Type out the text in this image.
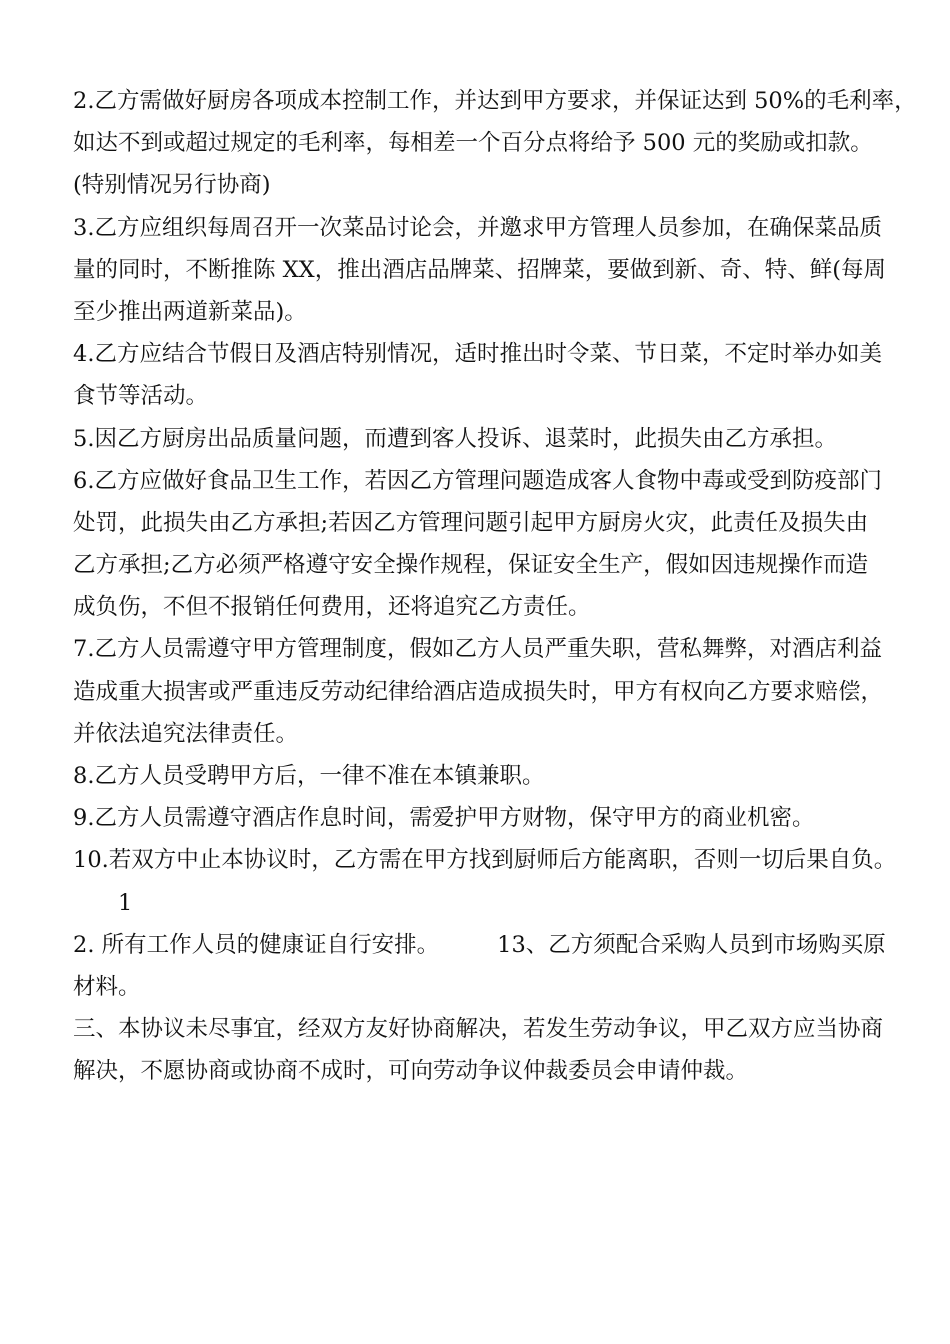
2.乙方需做好厨房各项成本控制工作，并达到甲方要求，并保证达到 50%的毛利率，
如达不到或超过规定的毛利率，每相差一个百分点将给予 500 元的奖励或扣款。
(特别情况另行协商)

3.乙方应组织每周召开一次菜品讨论会，并邀求甲方管理人员参加，在确保菜品质
量的同时，不断推陈 XX，推出酒店品牌菜、招牌菜，要做到新、奇、特、鲜(每周
至少推出两道新菜品)。

4.乙方应结合节假日及酒店特别情况，适时推出时令菜、节日菜，不定时举办如美
食节等活动。

5.因乙方厨房出品质量问题，而遭到客人投诉、退菜时，此损失由乙方承担。

6.乙方应做好食品卫生工作，若因乙方管理问题造成客人食物中毒或受到防疫部门
处罚，此损失由乙方承担;若因乙方管理问题引起甲方厨房火灾，此责任及损失由
乙方承担;乙方必须严格遵守安全操作规程，保证安全生产，假如因违规操作而造
成负伤，不但不报销任何费用，还将追究乙方责任。

7.乙方人员需遵守甲方管理制度，假如乙方人员严重失职，营私舞弊，对酒店利益
造成重大损害或严重违反劳动纪律给酒店造成损失时，甲方有权向乙方要求赔偿，
并依法追究法律责任。

8.乙方人员受聘甲方后，一律不准在本镇兼职。

9.乙方人员需遵守酒店作息时间，需爱护甲方财物，保守甲方的商业机密。

10.若双方中止本协议时，乙方需在甲方找到厨师后方能离职，否则一切后果自负。

1

2. 所有工作人员的健康证自行安排。	13、乙方须配合采购人员到市场购买原
材料。

三、本协议未尽事宜，经双方友好协商解决，若发生劳动争议，甲乙双方应当协商
解决，不愿协商或协商不成时，可向劳动争议仲裁委员会申请仲裁。
